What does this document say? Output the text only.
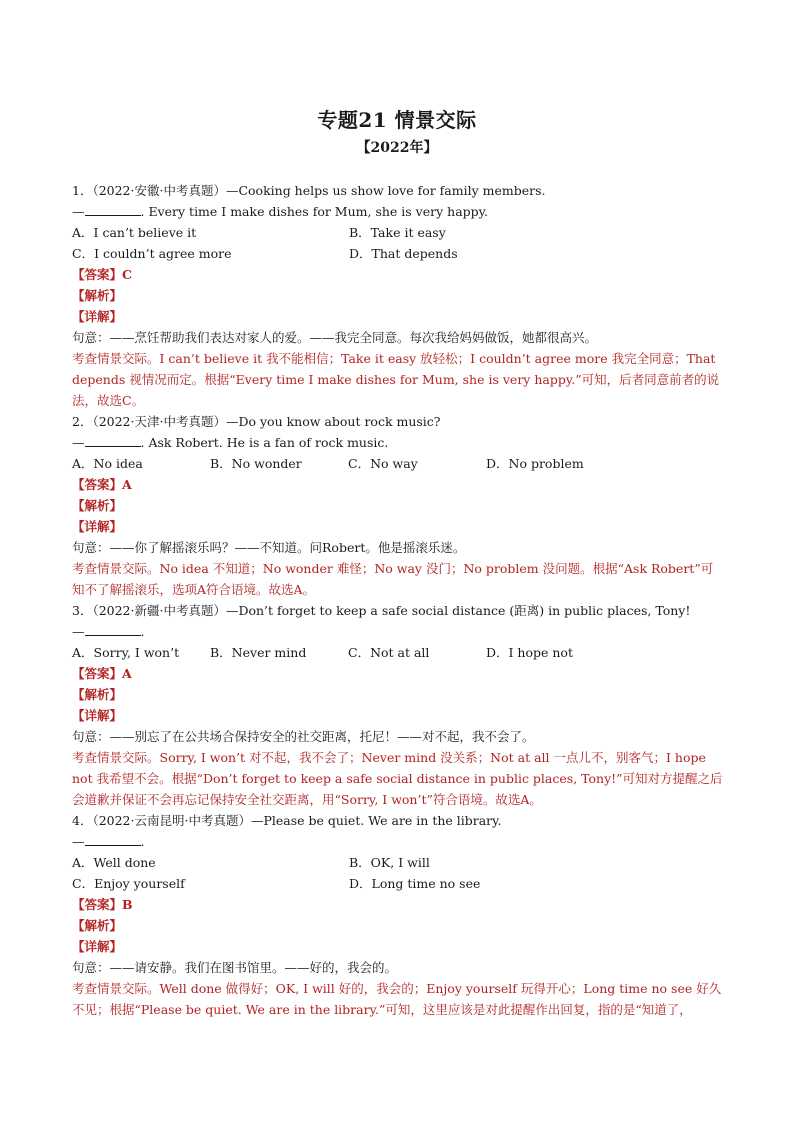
专题21 情景交际
【2022年】
1．（2022·安徽·中考真题）—Cooking helps us show love for family members.
—	. Every time I make dishes for Mum, she is very happy.
A．I can’t believe it	B．Take it easy
C．I couldn’t agree more	D．That depends
【答案】C
【解析】
【详解】
句意：——烹饪帮助我们表达对家人的爱。——我完全同意。每次我给妈妈做饭，她都很高兴。
考查情景交际。I can’t believe it 我不能相信；Take it easy 放轻松；I couldn’t agree more 我完全同意；That depends 视情况而定。根据“Every time I make dishes for Mum, she is very happy.”可知，后者同意前者的说法，故选C。
2．（2022·天津·中考真题）—Do you know about rock music?
—	. Ask Robert. He is a fan of rock music.
A．No idea	B．No wonder	C．No way	D．No problem
【答案】A
【解析】
【详解】
句意：——你了解摇滚乐吗？——不知道。问Robert。他是摇滚乐迷。
考查情景交际。No idea 不知道；No wonder 难怪；No way 没门；No problem 没问题。根据“Ask Robert”可知不了解摇滚乐，选项A符合语境。故选A。
3．（2022·新疆·中考真题）—Don’t forget to keep a safe social distance (距离) in public places, Tony!
—	.
A．Sorry, I won’t	B．Never mind	C．Not at all	D．I hope not
【答案】A
【解析】
【详解】
句意：——别忘了在公共场合保持安全的社交距离，托尼！——对不起，我不会了。
考查情景交际。Sorry, I won’t 对不起，我不会了；Never mind 没关系；Not at all 一点儿不，别客气；I hope not 我希望不会。根据“Don’t forget to keep a safe social distance in public places, Tony!”可知对方提醒之后会道歉并保证不会再忘记保持安全社交距离，用“Sorry, I won’t”符合语境。故选A。
4．（2022·云南昆明·中考真题）—Please be quiet. We are in the library.
—	.
A．Well done	B．OK, I will
C．Enjoy yourself	D．Long time no see
【答案】B
【解析】
【详解】
句意：——请安静。我们在图书馆里。——好的，我会的。
考查情景交际。Well done 做得好；OK, I will 好的，我会的；Enjoy yourself 玩得开心；Long time no see 好久不见；根据“Please be quiet. We are in the library.”可知，这里应该是对此提醒作出回复，指的是“知道了，
